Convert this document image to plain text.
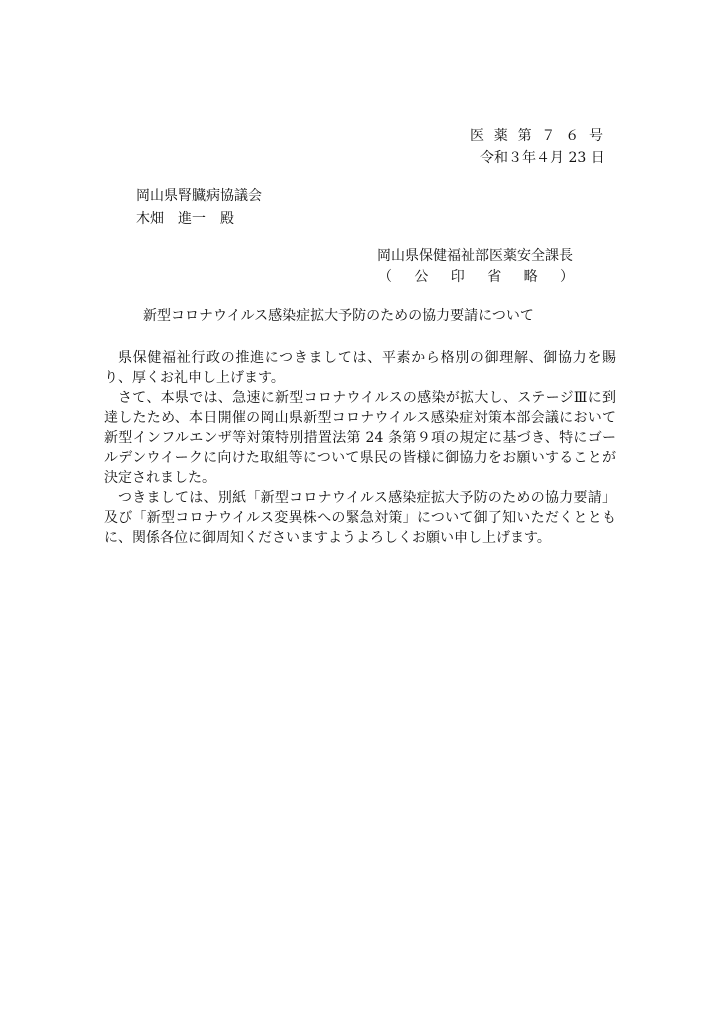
医 薬 第 ７ ６ 号
令和３年４月 23 日
岡山県腎臓病協議会
木畑　進一　殿
岡山県保健福祉部医薬安全課長
（　公　印　省　略　）
新型コロナウイルス感染症拡大予防のための協力要請について

県保健福祉行政の推進につきましては、平素から格別の御理解、御協力を賜り、厚くお礼申し上げます。

さて、本県では、急速に新型コロナウイルスの感染が拡大し、ステージⅢに到達したため、本日開催の岡山県新型コロナウイルス感染症対策本部会議において新型インフルエンザ等対策特別措置法第 24 条第９項の規定に基づき、特にゴールデンウイークに向けた取組等について県民の皆様に御協力をお願いすることが決定されました。

つきましては、別紙「新型コロナウイルス感染症拡大予防のための協力要請」及び「新型コロナウイルス変異株への緊急対策」について御了知いただくとともに、関係各位に御周知くださいますようよろしくお願い申し上げます。
